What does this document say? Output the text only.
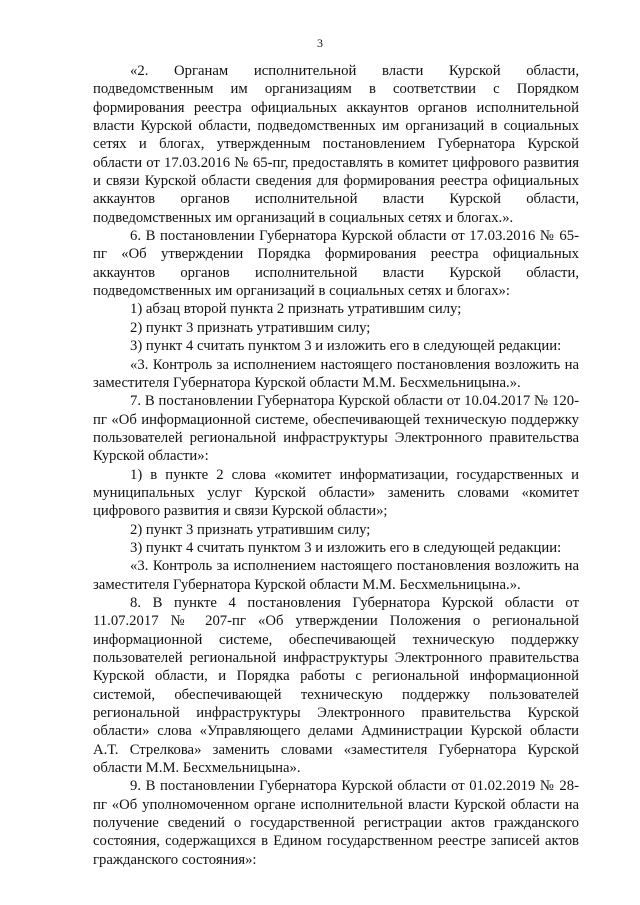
3

«2. Органам исполнительной власти Курской области, подведомственным им организациям в соответствии с Порядком формирования реестра официальных аккаунтов органов исполнительной власти Курской области, подведомственных им организаций в социальных сетях и блогах, утвержденным постановлением Губернатора Курской области от 17.03.2016 № 65-пг, предоставлять в комитет цифрового развития и связи Курской области сведения для формирования реестра официальных аккаунтов органов исполнительной власти Курской области, подведомственных им организаций в социальных сетях и блогах.».

6. В постановлении Губернатора Курской области от 17.03.2016 № 65-пг «Об утверждении Порядка формирования реестра официальных аккаунтов органов исполнительной власти Курской области, подведомственных им организаций в социальных сетях и блогах»:

1) абзац второй пункта 2 признать утратившим силу;

2) пункт 3 признать утратившим силу;

3) пункт 4 считать пунктом 3 и изложить его в следующей редакции:

«3. Контроль за исполнением настоящего постановления возложить на заместителя Губернатора Курской области М.М. Бесхмельницына.».

7. В постановлении Губернатора Курской области от 10.04.2017 № 120-пг «Об информационной системе, обеспечивающей техническую поддержку пользователей региональной инфраструктуры Электронного правительства Курской области»:

1) в пункте 2 слова «комитет информатизации, государственных и муниципальных услуг Курской области» заменить словами «комитет цифрового развития и связи Курской области»;

2) пункт 3 признать утратившим силу;

3) пункт 4 считать пунктом 3 и изложить его в следующей редакции:

«3. Контроль за исполнением настоящего постановления возложить на заместителя Губернатора Курской области М.М. Бесхмельницына.».

8. В пункте 4 постановления Губернатора Курской области от 11.07.2017 № 207-пг «Об утверждении Положения о региональной информационной системе, обеспечивающей техническую поддержку пользователей региональной инфраструктуры Электронного правительства Курской области, и Порядка работы с региональной информационной системой, обеспечивающей техническую поддержку пользователей региональной инфраструктуры Электронного правительства Курской области» слова «Управляющего делами Администрации Курской области А.Т. Стрелкова» заменить словами «заместителя Губернатора Курской области М.М. Бесхмельницына».

9. В постановлении Губернатора Курской области от 01.02.2019 № 28-пг «Об уполномоченном органе исполнительной власти Курской области на получение сведений о государственной регистрации актов гражданского состояния, содержащихся в Едином государственном реестре записей актов гражданского состояния»:
